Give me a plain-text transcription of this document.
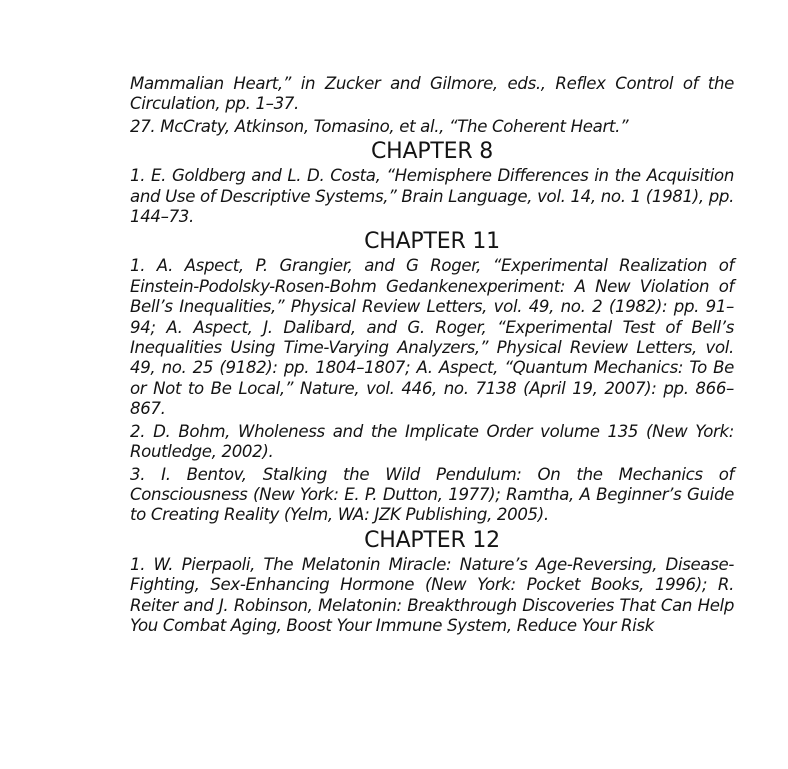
Mammalian Heart,” in Zucker and Gilmore, eds., Reflex Control of the Circulation, pp. 1–37.

27. McCraty, Atkinson, Tomasino, et al., “The Coherent Heart.”

CHAPTER 8

1. E. Goldberg and L. D. Costa, “Hemisphere Differences in the Acquisition and Use of Descriptive Systems,” Brain Language, vol. 14, no. 1 (1981), pp. 144–73.

CHAPTER 11

1. A. Aspect, P. Grangier, and G Roger, “Experimental Realization of Einstein-Podolsky-Rosen-Bohm Gedankenexperiment: A New Violation of Bell’s Inequalities,” Physical Review Letters, vol. 49, no. 2 (1982): pp. 91–94; A. Aspect, J. Dalibard, and G. Roger, “Experimental Test of Bell’s Inequalities Using Time-Varying Analyzers,” Physical Review Letters, vol. 49, no. 25 (9182): pp. 1804–1807; A. Aspect, “Quantum Mechanics: To Be or Not to Be Local,” Nature, vol. 446, no. 7138 (April 19, 2007): pp. 866–867.

2. D. Bohm, Wholeness and the Implicate Order volume 135 (New York: Routledge, 2002).

3. I. Bentov, Stalking the Wild Pendulum: On the Mechanics of Consciousness (New York: E. P. Dutton, 1977); Ramtha, A Beginner’s Guide to Creating Reality (Yelm, WA: JZK Publishing, 2005).

CHAPTER 12

1. W. Pierpaoli, The Melatonin Miracle: Nature’s Age-Reversing, Disease-Fighting, Sex-Enhancing Hormone (New York: Pocket Books, 1996); R. Reiter and J. Robinson, Melatonin: Breakthrough Discoveries That Can Help You Combat Aging, Boost Your Immune System, Reduce Your Risk
